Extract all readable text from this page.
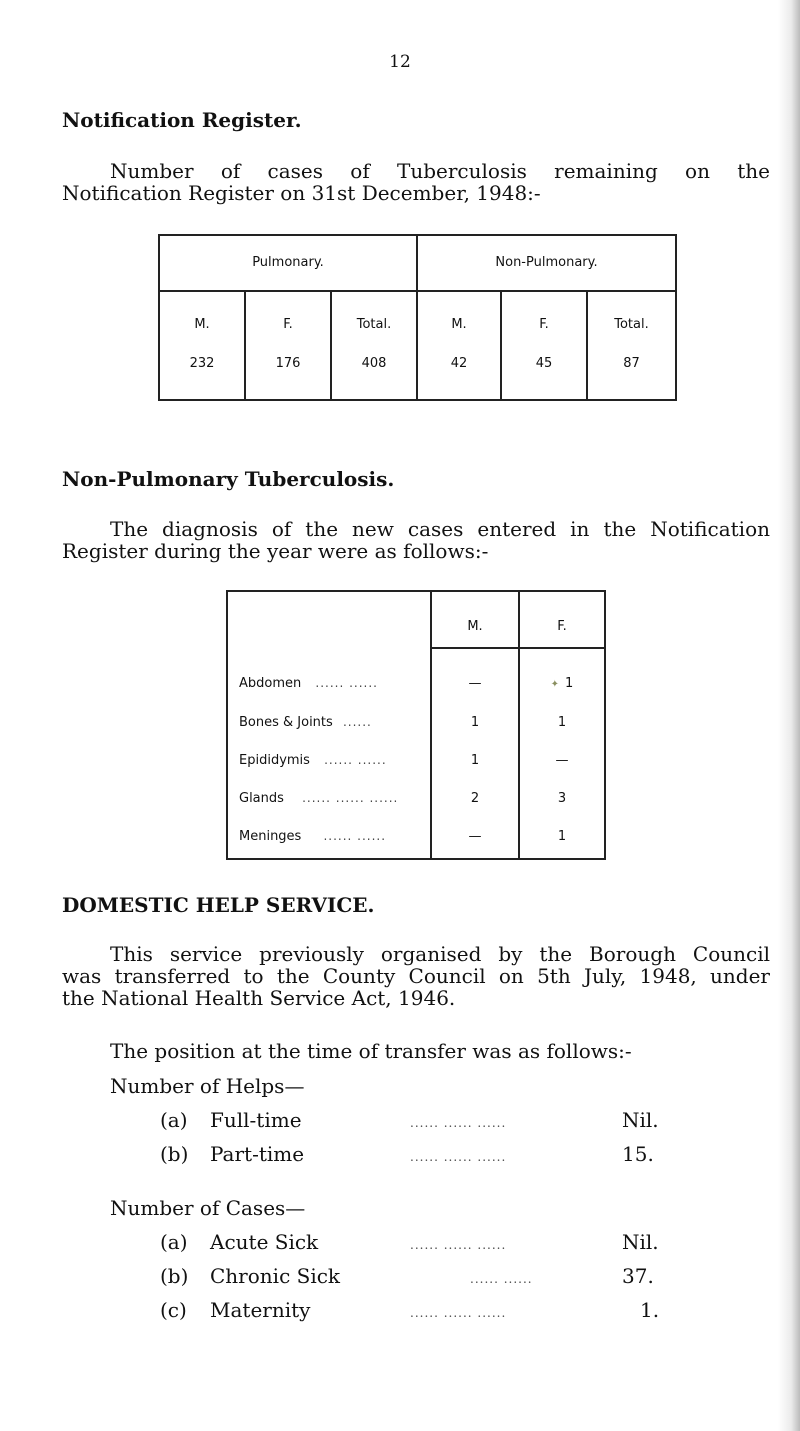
12
Notification Register.
Number of cases of Tuberculosis remaining on the
Notification Register on 31st December, 1948:-
Pulmonary.	Non-Pulmonary.
M.	F.	Total.	M.	F.	Total.
232	176	408	42	45	87
Non-Pulmonary Tuberculosis.
The diagnosis of the new cases entered in the Notification
Register during the year were as follows:-
M.	F.
Abdomen ...... ......	—	✦ 1
Bones & Joints ......	1	1
Epididymis ...... ......	1	—
Glands ...... ...... ......	2	3
Meninges ...... ......	—	1
DOMESTIC HELP SERVICE.
This service previously organised by the Borough Council
was transferred to the County Council on 5th July, 1948, under
the National Health Service Act, 1946.
The position at the time of transfer was as follows:-
Number of Helps—
(a) Full-time	...... ...... ......	Nil.
(b) Part-time	...... ...... ......	15.
Number of Cases—
(a) Acute Sick	...... ...... ......	Nil.
(b) Chronic Sick	...... ......	37.
(c) Maternity	...... ...... ......	1.
